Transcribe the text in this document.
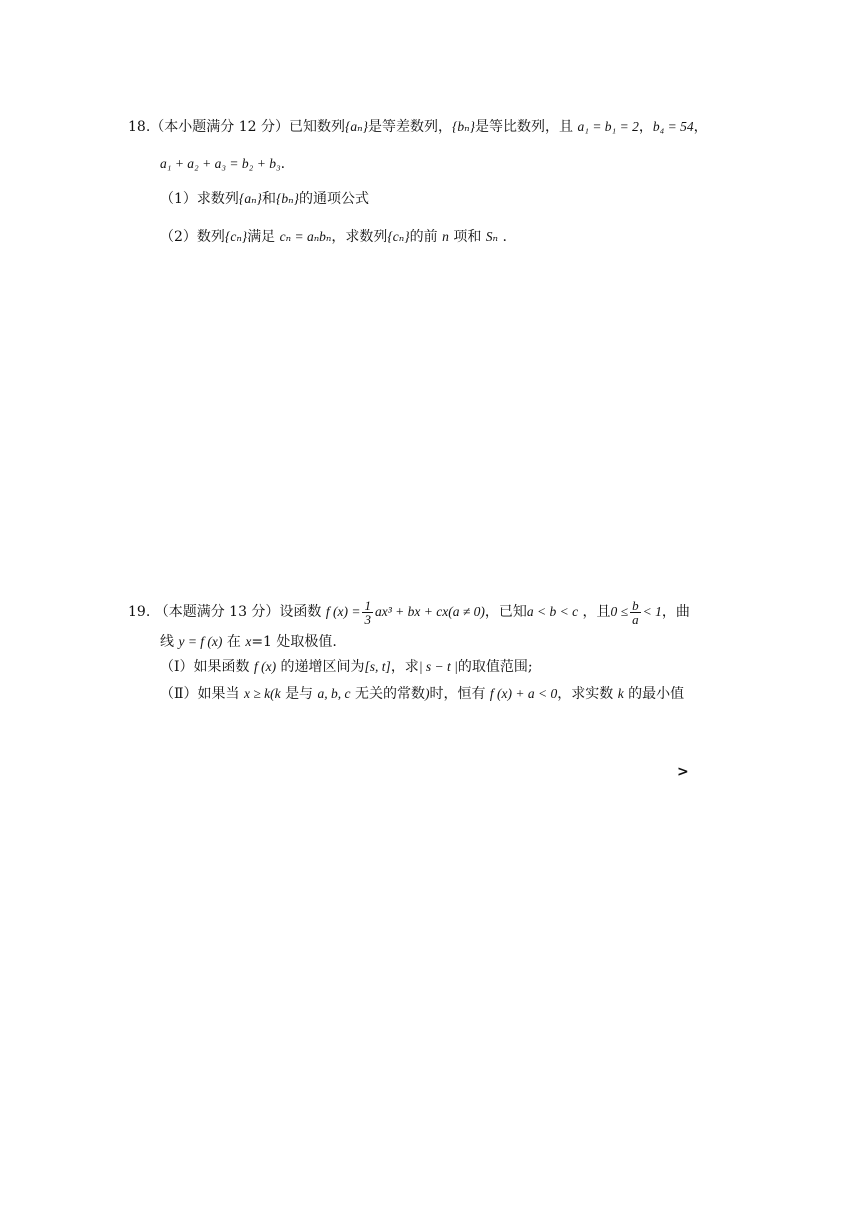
18.（本小题满分 12 分）已知数列{aₙ}是等差数列，{bₙ}是等比数列，且 a₁ = b₁ = 2，b₄ = 54，
a₁ + a₂ + a₃ = b₂ + b₃.
（1）求数列{aₙ}和{bₙ}的通项公式
（2）数列{cₙ}满足 cₙ = aₙbₙ，求数列{cₙ}的前 n 项和 Sₙ .
19. （本题满分 13 分）设函数 f $(x) = \frac{1}{3} ax^3$ + bx + cx(a ≠ 0)，已知a < b < c ，且$0 \le \frac{b}{a} < 1$，曲
线 y = f (x) 在 x=1 处取极值.
（Ⅰ）如果函数 f (x) 的递增区间为[s, t]，求| s − t |的取值范围;
（Ⅱ）如果当 x ≥ k(k 是与 a, b, c 无关的常数)时，恒有 f (x) + a < 0，求实数 k 的最小值
>
